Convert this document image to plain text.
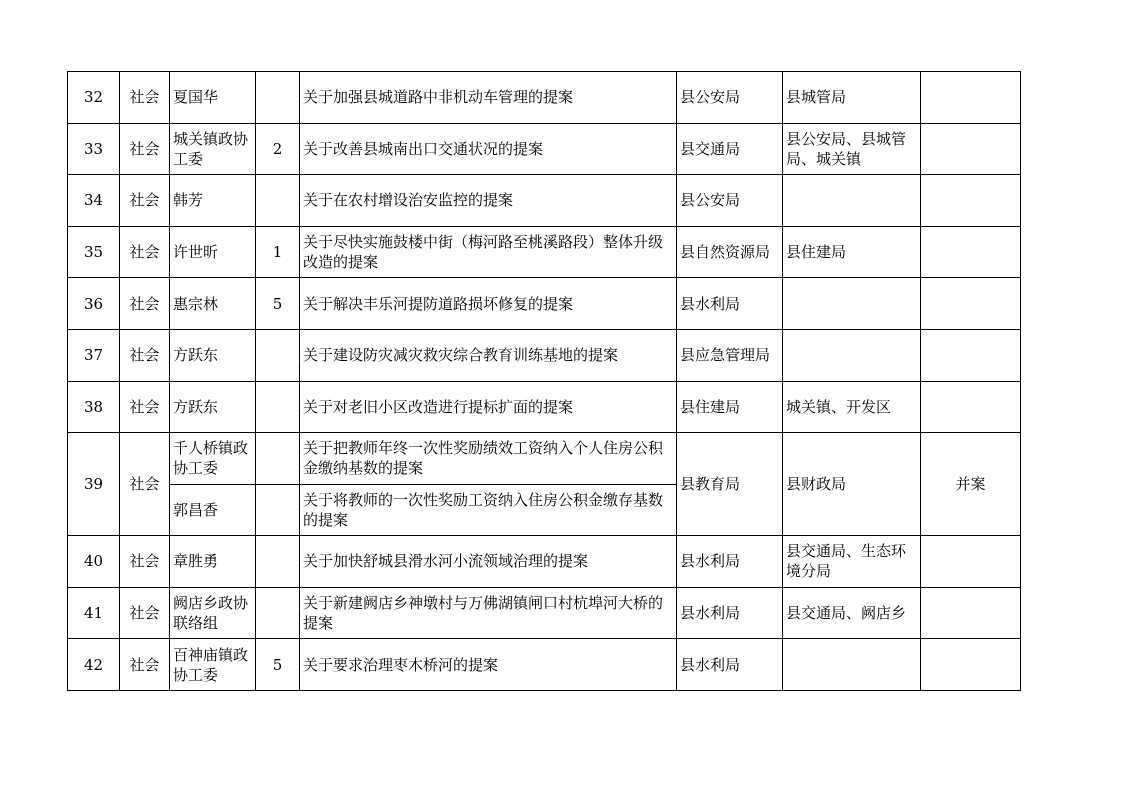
32	社会	夏国华		关于加强县城道路中非机动车管理的提案	县公安局	县城管局	
33	社会	城关镇政协工委	2	关于改善县城南出口交通状况的提案	县交通局	县公安局、县城管局、城关镇	
34	社会	韩芳		关于在农村增设治安监控的提案	县公安局		
35	社会	许世昕	1	关于尽快实施鼓楼中街（梅河路至桃溪路段）整体升级改造的提案	县自然资源局	县住建局	
36	社会	惠宗林	5	关于解决丰乐河提防道路损坏修复的提案	县水利局		
37	社会	方跃东		关于建设防灾减灾救灾综合教育训练基地的提案	县应急管理局		
38	社会	方跃东		关于对老旧小区改造进行提标扩面的提案	县住建局	城关镇、开发区	
39	社会	千人桥镇政协工委		关于把教师年终一次性奖励绩效工资纳入个人住房公积金缴纳基数的提案	县教育局	县财政局	并案
		郭昌香		关于将教师的一次性奖励工资纳入住房公积金缴存基数的提案			
40	社会	章胜勇		关于加快舒城县滑水河小流领域治理的提案	县水利局	县交通局、生态环境分局	
41	社会	阙店乡政协联络组		关于新建阙店乡神墩村与万佛湖镇闸口村杭埠河大桥的提案	县水利局	县交通局、阙店乡	
42	社会	百神庙镇政协工委	5	关于要求治理枣木桥河的提案	县水利局		
